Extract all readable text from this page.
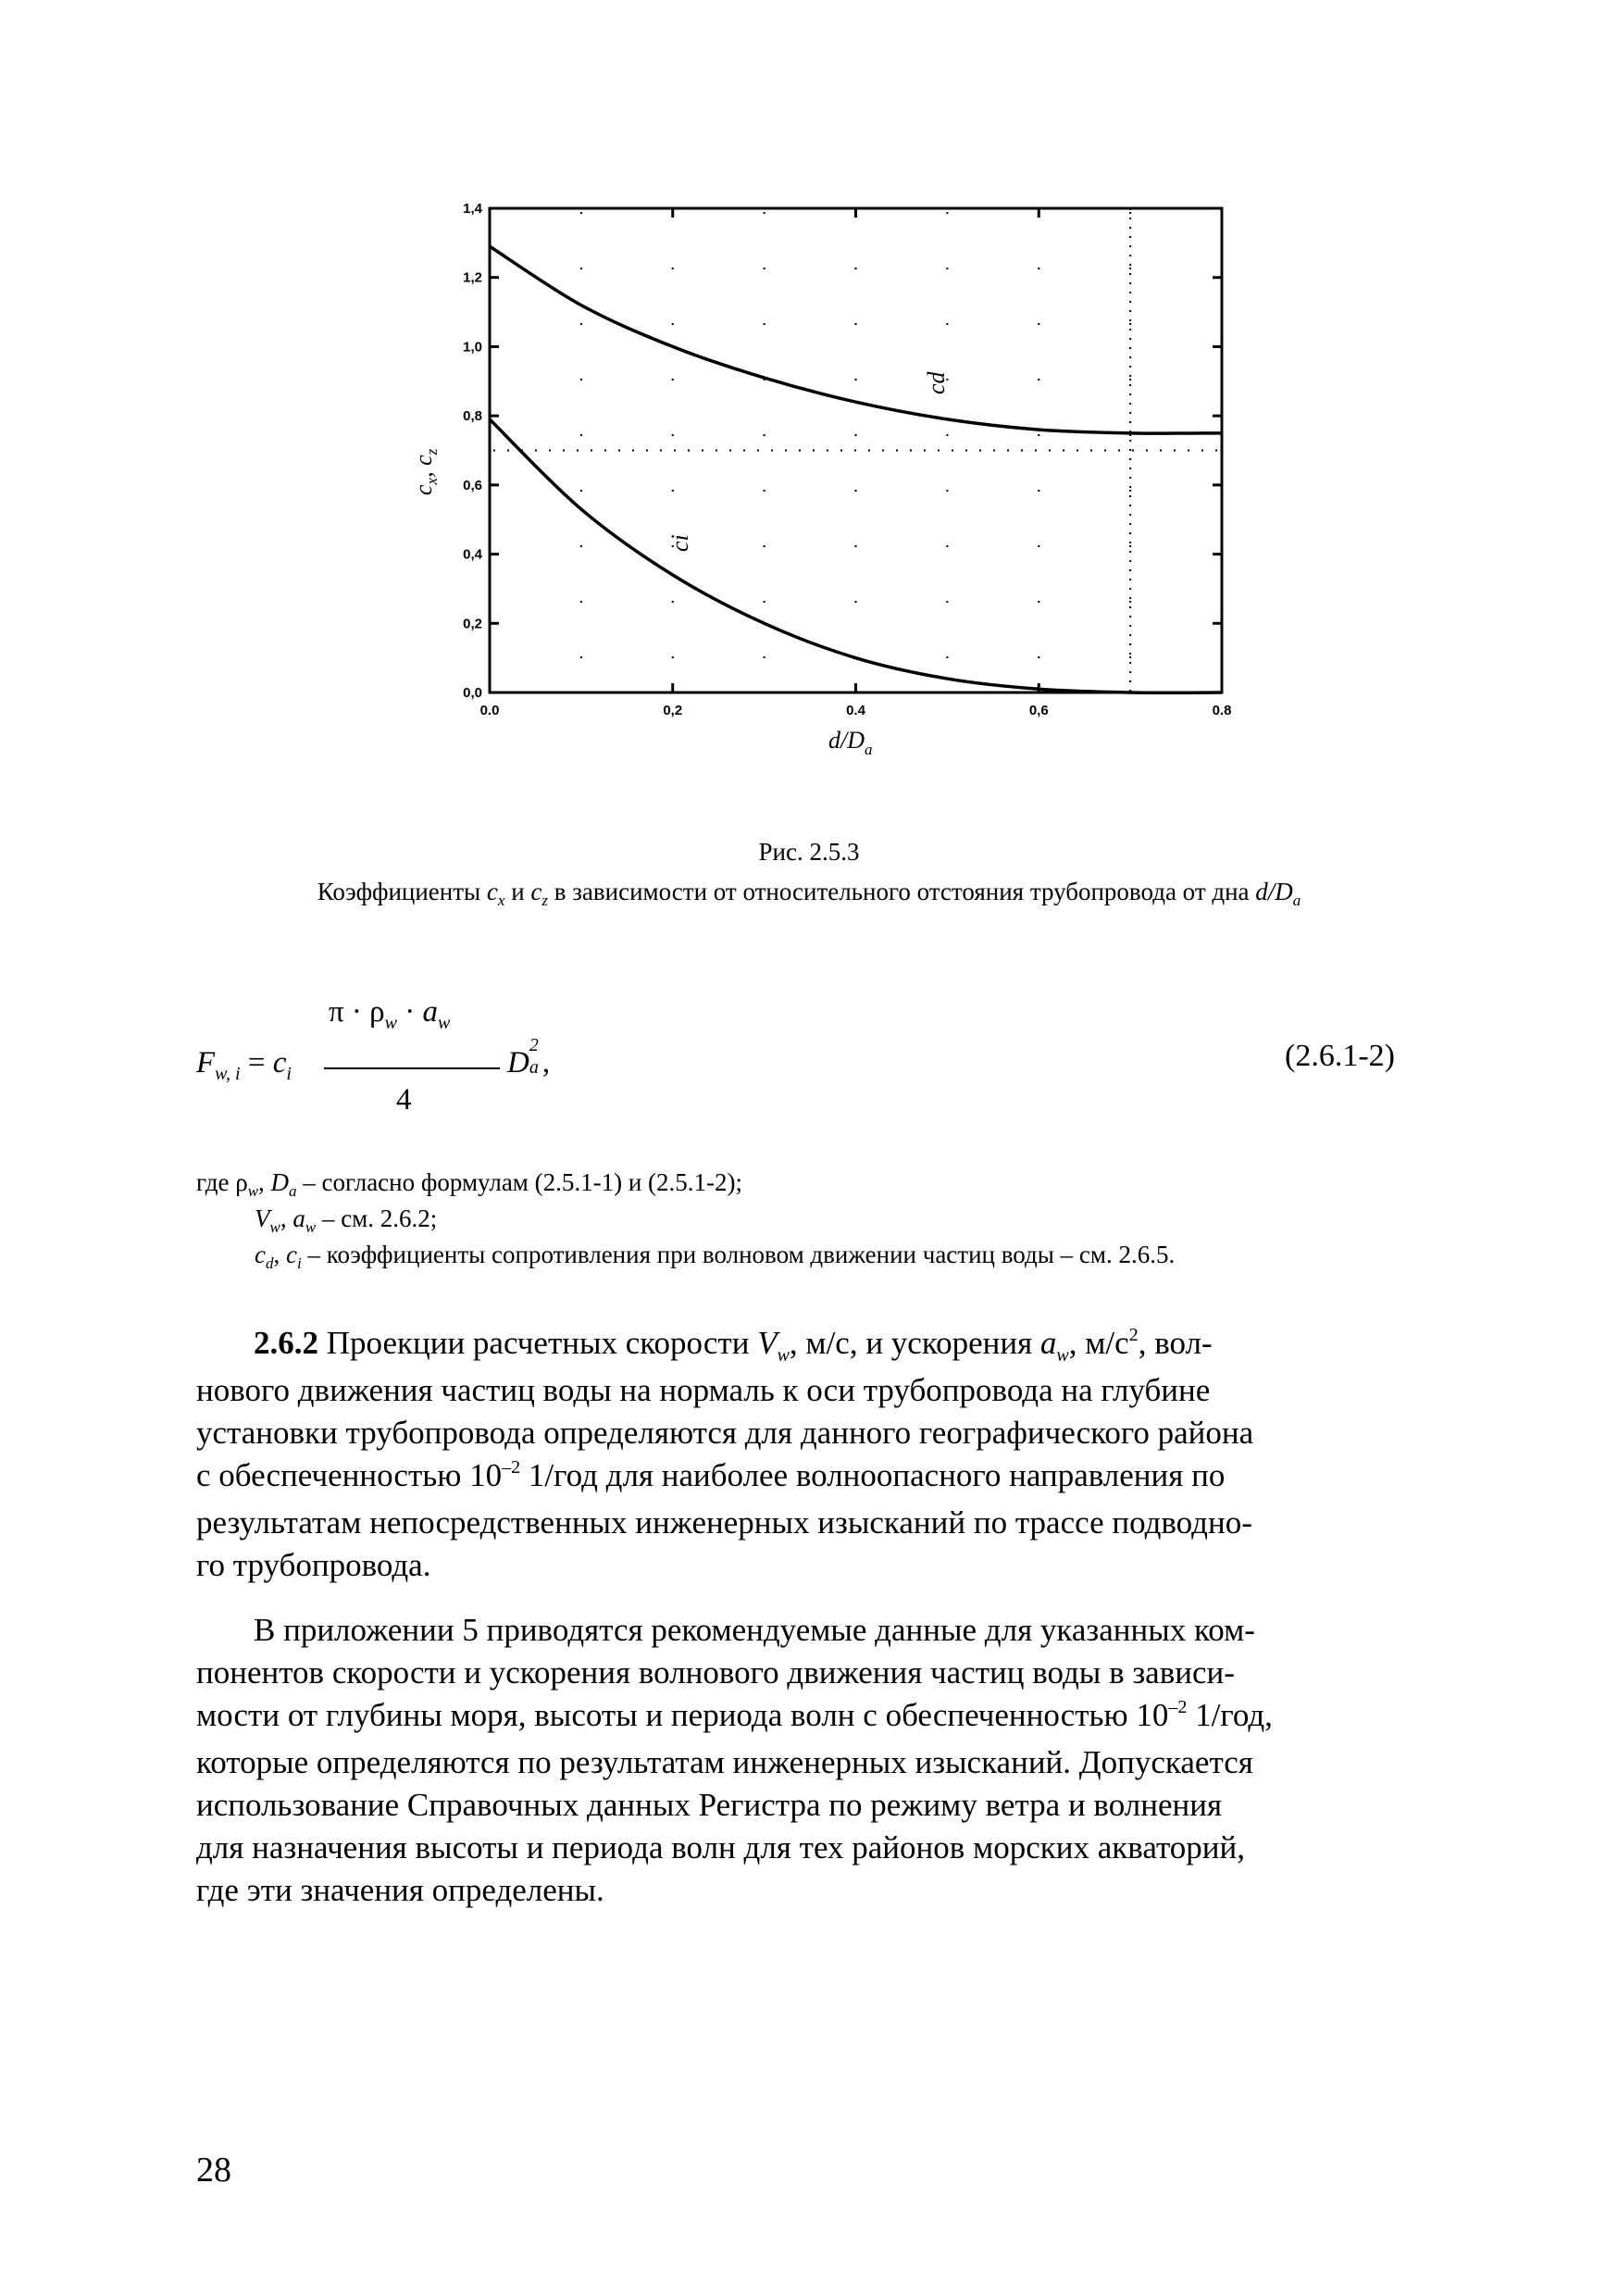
0.0	0,2	0.4	0,6	0.8
0,0
0,2
0,4
0,6
0,8
1,0
1,2
1,4
cd
ci
$d/D_a$
$c_x$, $c_z$
Рис. 2.5.3
Коэффициенты $c_x$ и $c_z$ в зависимости от относительного отстояния трубопровода от дна $d/D_a$
$F_{w, i} = c_i$
$\pi \cdot \rho_w \cdot a_w$
4
D
2
a ,	(2.6.1-2)
где $\rho_w$, $D_a$ – согласно формулам (2.5.1-1) и (2.5.1-2);
$V_w$, $a_w$ – см. 2.6.2;
$c_d$, $c_i$ – коэффициенты сопротивления при волновом движении частиц воды – см. 2.6.5.
2.6.2 Проекции расчетных скорости $V_w$, м/с, и ускорения $a_w$, $м/с^2$, вол-
нового движения частиц воды на нормаль к оси трубопровода на глубине
установки трубопровода определяются для данного географического района
с обеспеченностью $10^{-2}$ 1/год для наиболее волноопасного направления по
результатам непосредственных инженерных изысканий по трассе подводно-
го трубопровода.
В приложении 5 приводятся рекомендуемые данные для указанных ком-
понентов скорости и ускорения волнового движения частиц воды в зависи-
мости от глубины моря, высоты и периода волн с обеспеченностью $10^{-2}$ 1/год,
которые определяются по результатам инженерных изысканий. Допускается
использование Справочных данных Регистра по режиму ветра и волнения
для назначения высоты и периода волн для тех районов морских акваторий,
где эти значения определены.
28
